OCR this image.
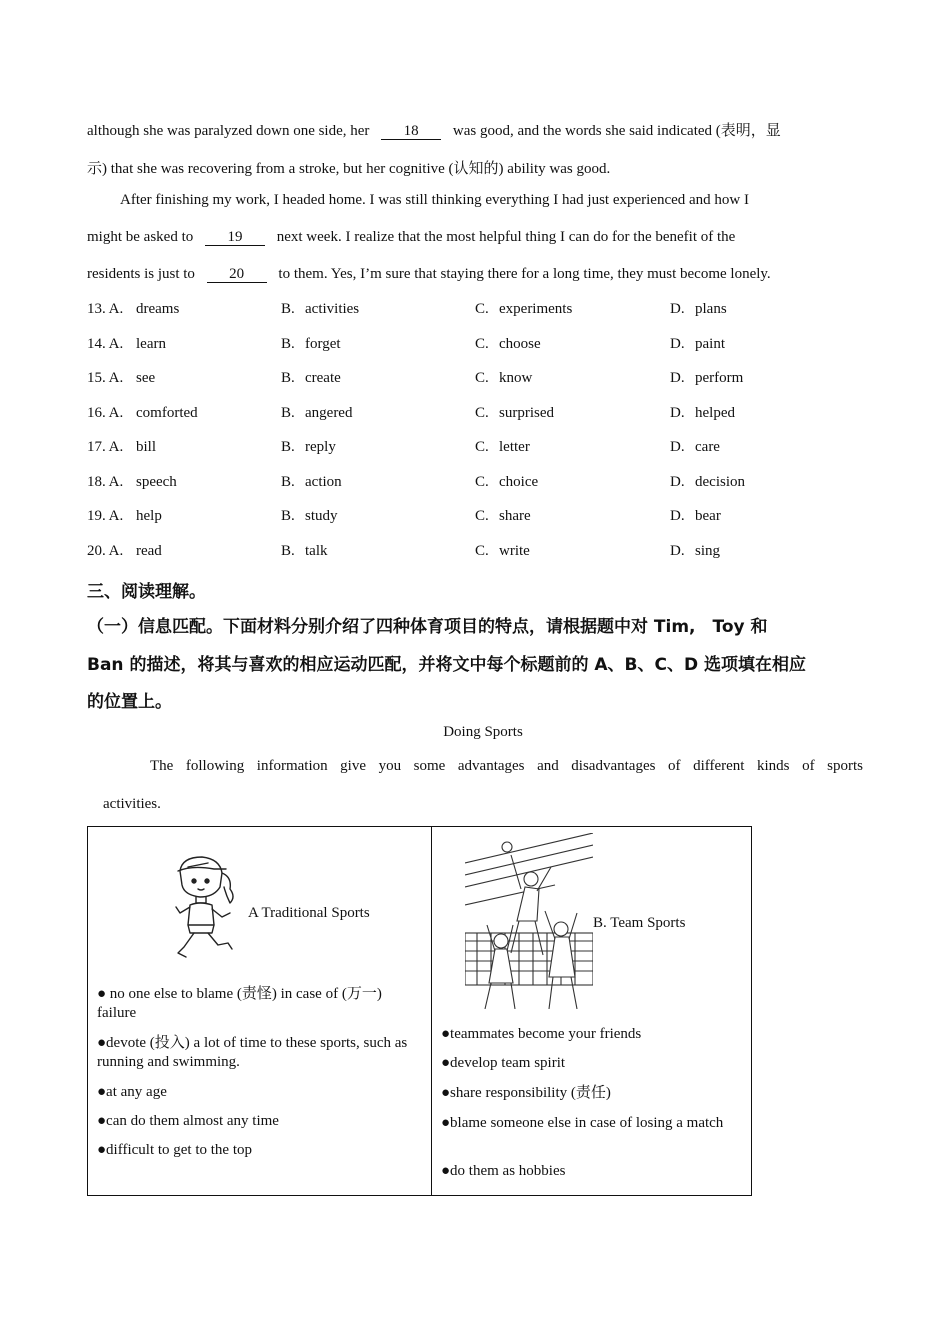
although she was paralyzed down one side, her 18 was good, and the words she said indicated (表明，显
示) that she was recovering from a stroke, but her cognitive (认知的) ability was good.
After finishing my work, I headed home. I was still thinking everything I had just experienced and how I
might be asked to 19 next week. I realize that the most helpful thing I can do for the benefit of the
residents is just to 20 to them. Yes, I’m sure that staying there for a long time, they must become lonely.
13. A. dreams	B. activities	C. experiments	D. plans
14. A. learn	B. forget	C. choose	D. paint
15. A. see	B. create	C. know	D. perform
16. A. comforted	B. angered	C. surprised	D. helped
17. A. bill	B. reply	C. letter	D. care
18. A. speech	B. action	C. choice	D. decision
19. A. help	B. study	C. share	D. bear
20. A. read	B. talk	C. write	D. sing
三、阅读理解。
（一）信息匹配。下面材料分别介绍了四种体育项目的特点，请根据题中对 Tim,　Toy 和
Ban 的描述，将其与喜欢的相应运动匹配，并将文中每个标题前的 A、B、C、D 选项填在相应
的位置上。
Doing Sports
The following information give you some advantages and disadvantages of different kinds of sports
activities.
A Traditional Sports
● no one else to blame (责怪) in case of (万一) failure
●devote (投入) a lot of time to these sports, such as running and swimming.
●at any age
●can do them almost any time
●difficult to get to the top

B. Team Sports
●teammates become your friends
●develop team spirit
●share responsibility (责任)
●blame someone else in case of losing a match
●do them as hobbies
